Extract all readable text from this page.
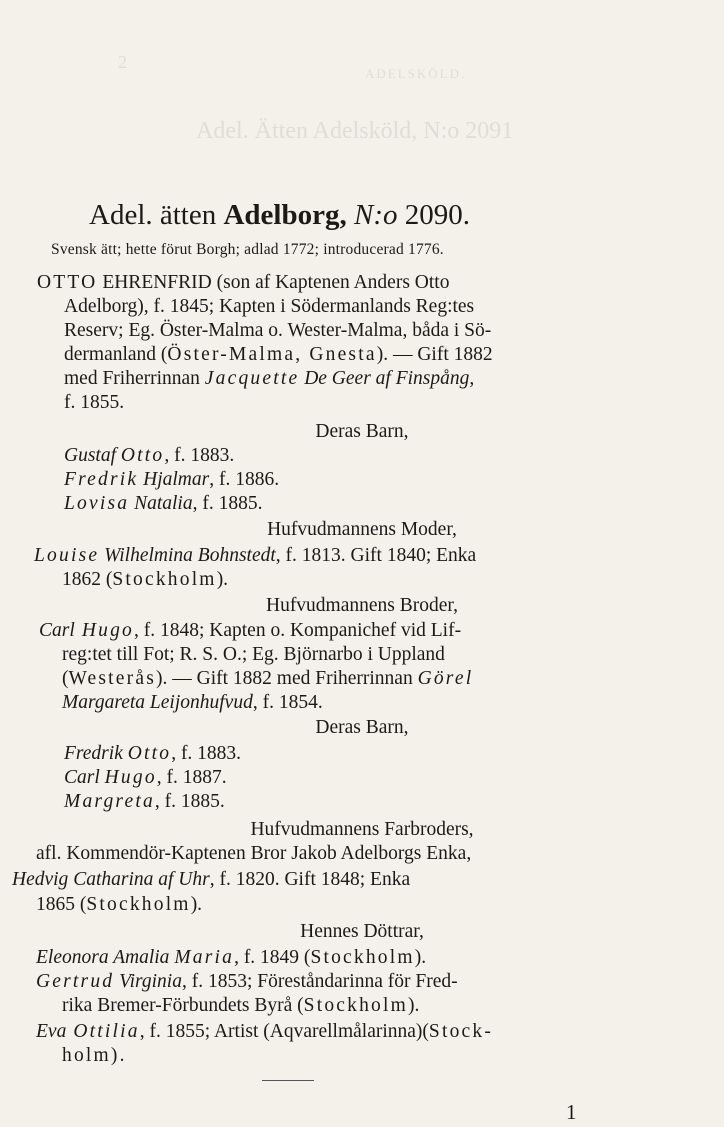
2
ADELSKÖLD.
Adel. Ätten Adelsköld, N:o 2091
Adel. ätten Adelborg, N:o 2090.
Svensk ätt; hette förut Borgh; adlad 1772; introducerad 1776.
OTTO EHRENFRID (son af Kaptenen Anders Otto
Adelborg), f. 1845; Kapten i Södermanlands Reg:tes
Reserv; Eg. Öster-Malma o. Wester-Malma, båda i Sö-
dermanland (Öster-Malma, Gnesta). — Gift 1882
med Friherrinnan Jacquette De Geer af Finspång,
f. 1855.
Deras Barn,
Gustaf Otto, f. 1883.
Fredrik Hjalmar, f. 1886.
Lovisa Natalia, f. 1885.
Hufvudmannens Moder,
Louise Wilhelmina Bohnstedt, f. 1813. Gift 1840; Enka
1862 (Stockholm).
Hufvudmannens Broder,
Carl Hugo, f. 1848; Kapten o. Kompanichef vid Lif-
reg:tet till Fot; R. S. O.; Eg. Björnarbo i Uppland
(Westerås). — Gift 1882 med Friherrinnan Görel
Margareta Leijonhufvud, f. 1854.
Deras Barn,
Fredrik Otto, f. 1883.
Carl Hugo, f. 1887.
Margreta, f. 1885.
Hufvudmannens Farbroders,
afl. Kommendör-Kaptenen Bror Jakob Adelborgs Enka,
Hedvig Catharina af Uhr, f. 1820. Gift 1848; Enka
1865 (Stockholm).
Hennes Döttrar,
Eleonora Amalia Maria, f. 1849 (Stockholm).
Gertrud Virginia, f. 1853; Föreståndarinna för Fred-
rika Bremer-Förbundets Byrå (Stockholm).
Eva Ottilia, f. 1855; Artist (Aqvarellmålarinna)(Stock-
holm).
1
